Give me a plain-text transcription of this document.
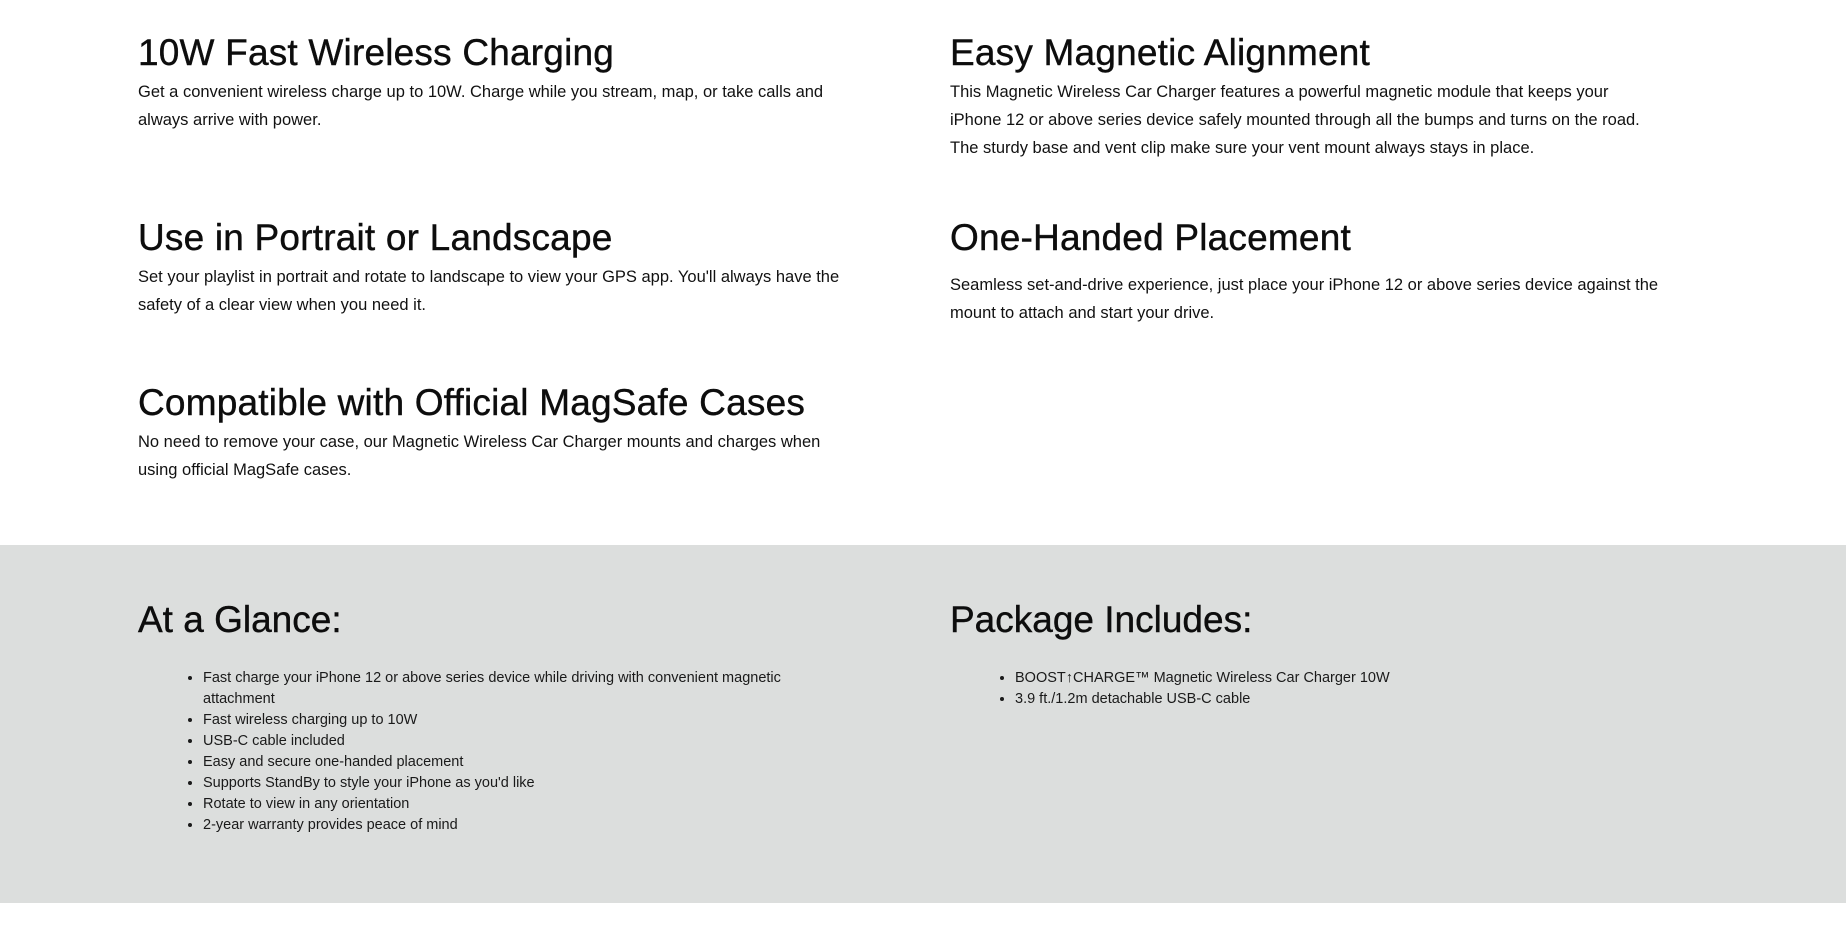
10W Fast Wireless Charging

Get a convenient wireless charge up to 10W. Charge while you stream, map, or take calls and always arrive with power.

Easy Magnetic Alignment

This Magnetic Wireless Car Charger features a powerful magnetic module that keeps your iPhone 12 or above series device safely mounted through all the bumps and turns on the road. The sturdy base and vent clip make sure your vent mount always stays in place.

Use in Portrait or Landscape

Set your playlist in portrait and rotate to landscape to view your GPS app. You'll always have the safety of a clear view when you need it.

One-Handed Placement

Seamless set-and-drive experience, just place your iPhone 12 or above series device against the mount to attach and start your drive.

Compatible with Official MagSafe Cases

No need to remove your case, our Magnetic Wireless Car Charger mounts and charges when using official MagSafe cases.

At a Glance:
• Fast charge your iPhone 12 or above series device while driving with convenient magnetic attachment
• Fast wireless charging up to 10W
• USB-C cable included
• Easy and secure one-handed placement
• Supports StandBy to style your iPhone as you'd like
• Rotate to view in any orientation
• 2-year warranty provides peace of mind
Package Includes:
• BOOST↑CHARGE™ Magnetic Wireless Car Charger 10W
• 3.9 ft./1.2m detachable USB-C cable
